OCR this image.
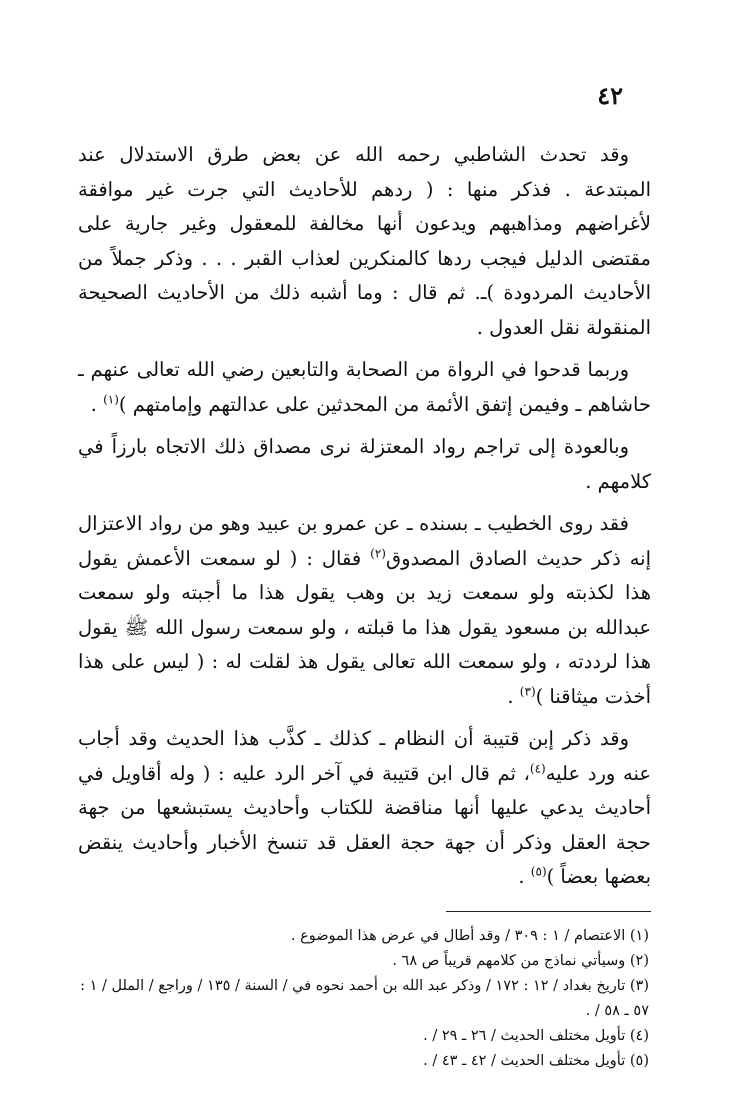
٤٢

وقد تحدث الشاطبي رحمه الله عن بعض طرق الاستدلال عند المبتدعة . فذكر منها : ( ردهم للأحاديث التي جرت غير موافقة لأغراضهم ومذاهبهم ويدعون أنها مخالفة للمعقول وغير جارية على مقتضى الدليل فيجب ردها كالمنكرين لعذاب القبر . . . وذكر جملاً من الأحاديث المردودة )ـ. ثم قال : وما أشبه ذلك من الأحاديث الصحيحة المنقولة نقل العدول .

وربما قدحوا في الرواة من الصحابة والتابعين رضي الله تعالى عنهم ـ حاشاهم ـ وفيمن إتفق الأئمة من المحدثين على عدالتهم وإمامتهم )$^{(١)}$ .

وبالعودة إلى تراجم رواد المعتزلة نرى مصداق ذلك الاتجاه بارزاً في كلامهم .

فقد روى الخطيب ـ بسنده ـ عن عمرو بن عبيد وهو من رواد الاعتزال إنه ذكر حديث الصادق المصدوق$^{(٢)}$ فقال : ( لو سمعت الأعمش يقول هذا لكذبته ولو سمعت زيد بن وهب يقول هذا ما أجبته ولو سمعت عبدالله بن مسعود يقول هذا ما قبلته ، ولو سمعت رسول الله ﷺ يقول هذا لرددته ، ولو سمعت الله تعالى يقول هذ لقلت له : ( ليس على هذا أخذت ميثاقنا )$^{(٣)}$ .

وقد ذكر إبن قتيبة أن النظام ـ كذلك ـ كذَّب هذا الحديث وقد أجاب عنه ورد عليه$^{(٤)}$، ثم قال ابن قتيبة في آخر الرد عليه : ( وله أقاويل في أحاديث يدعي عليها أنها مناقضة للكتاب وأحاديث يستبشعها من جهة حجة العقل وذكر أن جهة حجة العقل قد تنسخ الأخبار وأحاديث ينقض بعضها بعضاً )$^{(٥)}$ .

(١) الاعتصام / ١ : ٣٠٩ / وقد أطال في عرض هذا الموضوع .
(٢) وسيأتي نماذج من كلامهم قريباً ص ٦٨ .
(٣) تاريخ بغداد / ١٢ : ١٧٢ / وذكر عبد الله بن أحمد نحوه في / السنة / ١٣٥ / وراجع / الملل / ١ : ٥٧ ـ ٥٨ / .
(٤) تأويل مختلف الحديث / ٢٦ ـ ٢٩ / .
(٥) تأويل مختلف الحديث / ٤٢ ـ ٤٣ / .
